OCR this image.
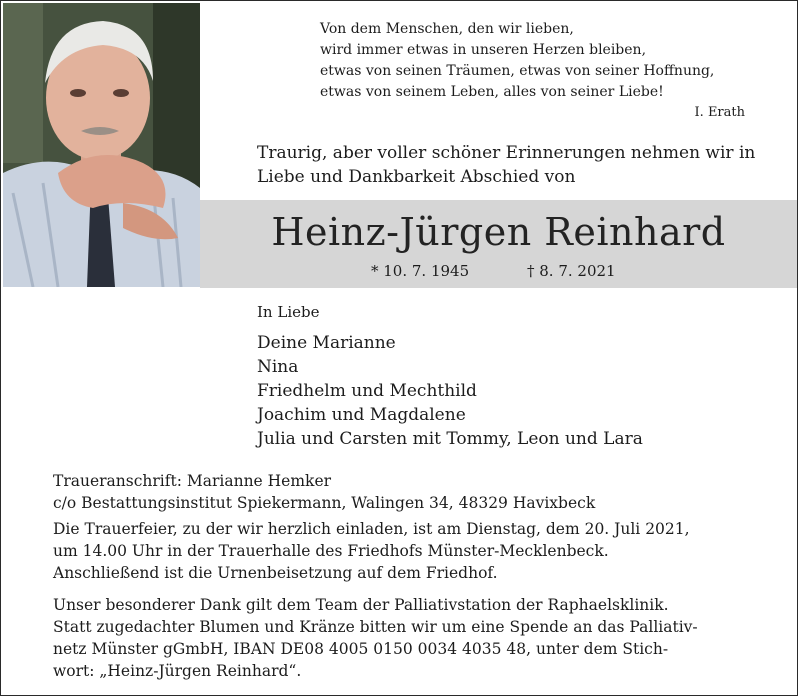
Von dem Menschen, den wir lieben,
wird immer etwas in unseren Herzen bleiben,
etwas von seinen Träumen, etwas von seiner Hoffnung,
etwas von seinem Leben, alles von seiner Liebe!
I. Erath
Traurig, aber voller schöner Erinnerungen nehmen wir in
Liebe und Dankbarkeit Abschied von
Heinz-Jürgen Reinhard
* 10. 7. 1945	† 8. 7. 2021
In Liebe
Deine Marianne
Nina
Friedhelm und Mechthild
Joachim und Magdalene
Julia und Carsten mit Tommy, Leon und Lara
Traueranschrift: Marianne Hemker
c/o Bestattungsinstitut Spiekermann, Walingen 34, 48329 Havixbeck
Die Trauerfeier, zu der wir herzlich einladen, ist am Dienstag, dem 20. Juli 2021,
um 14.00 Uhr in der Trauerhalle des Friedhofs Münster-Mecklenbeck.
Anschließend ist die Urnenbeisetzung auf dem Friedhof.
Unser besonderer Dank gilt dem Team der Palliativstation der Raphaelsklinik.
Statt zugedachter Blumen und Kränze bitten wir um eine Spende an das Palliativ-
netz Münster gGmbH, IBAN DE08 4005 0150 0034 4035 48, unter dem Stich-
wort: „Heinz-Jürgen Reinhard“.
